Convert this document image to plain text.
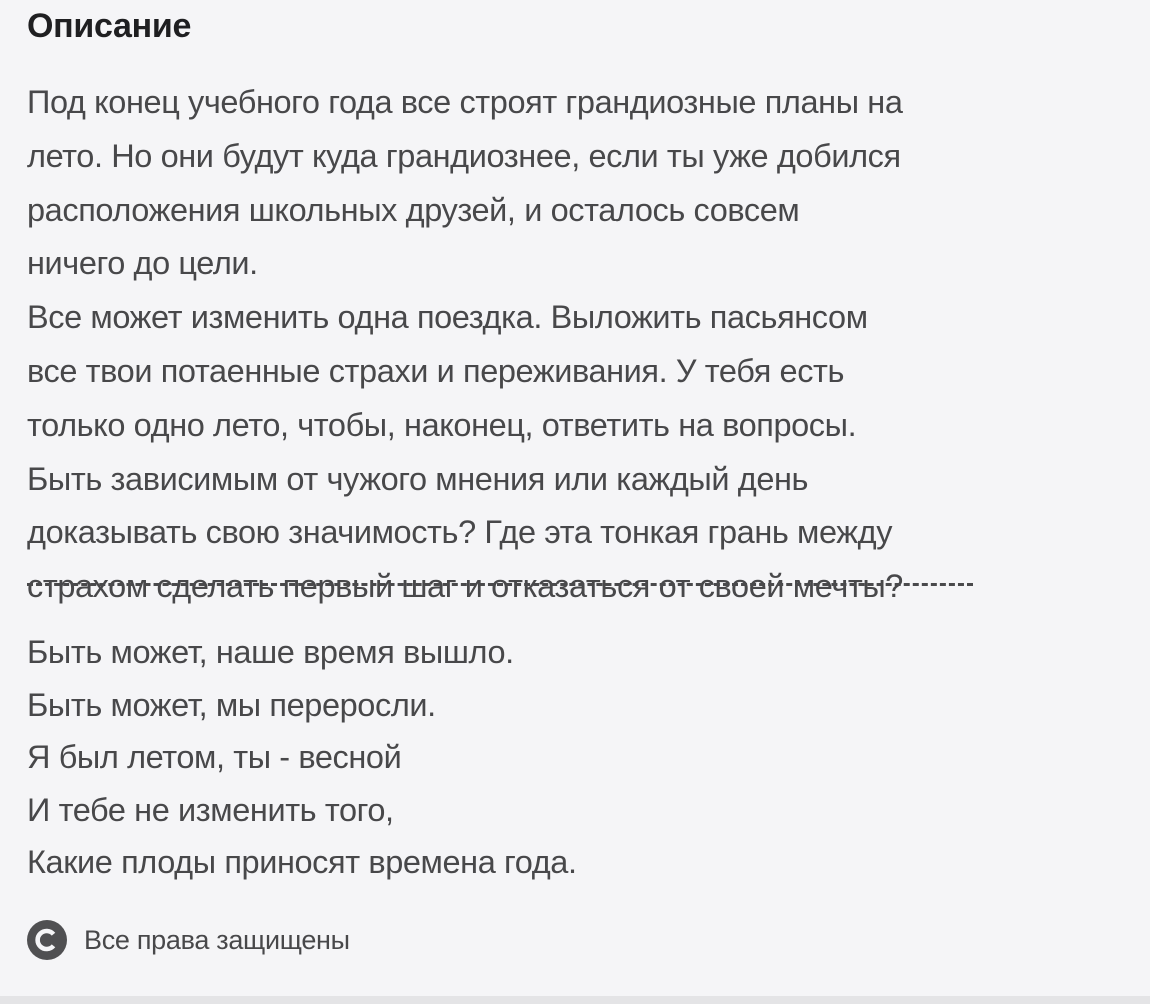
Описание
Под конец учебного года все строят грандиозные планы на
лето. Но они будут куда грандиознее, если ты уже добился
расположения школьных друзей, и осталось совсем
ничего до цели.
Все может изменить одна поездка. Выложить пасьянсом
все твои потаенные страхи и переживания. У тебя есть
только одно лето, чтобы, наконец, ответить на вопросы.
Быть зависимым от чужого мнения или каждый день
доказывать свою значимость? Где эта тонкая грань между
страхом сделать первый шаг и отказаться от своей мечты?
Быть может, наше время вышло.
Быть может, мы переросли.
Я был летом, ты - весной
И тебе не изменить того,
Какие плоды приносят времена года.
Все права защищены
